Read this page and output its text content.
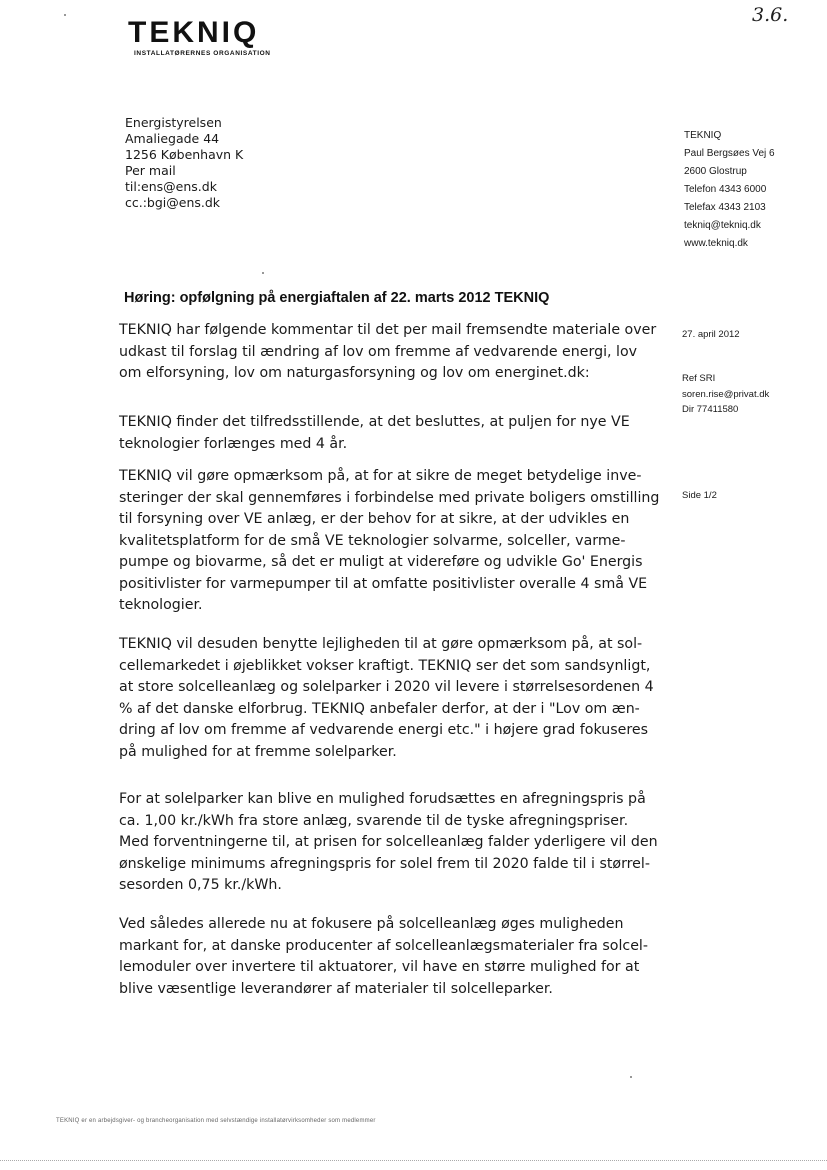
TEKNIQ
INSTALLATØRERNES ORGANISATION
3.6.
Energistyrelsen
Amaliegade 44
1256 København K
Per mail
til:ens@ens.dk
cc.:bgi@ens.dk
TEKNIQ
Paul Bergsøes Vej 6
2600 Glostrup
Telefon 4343 6000
Telefax 4343 2103
tekniq@tekniq.dk
www.tekniq.dk
Høring: opfølgning på energiaftalen af 22. marts 2012 TEKNIQ
27. april 2012
Ref SRI
soren.rise@privat.dk
Dir 77411580
Side 1/2

TEKNIQ har følgende kommentar til det per mail fremsendte materiale over
udkast til forslag til ændring af lov om fremme af vedvarende energi, lov
om elforsyning, lov om naturgasforsyning og lov om energinet.dk:

TEKNIQ finder det tilfredsstillende, at det besluttes, at puljen for nye VE
teknologier forlænges med 4 år.

TEKNIQ vil gøre opmærksom på, at for at sikre de meget betydelige inve-
steringer der skal gennemføres i forbindelse med private boligers omstilling
til forsyning over VE anlæg, er der behov for at sikre, at der udvikles en
kvalitetsplatform for de små VE teknologier solvarme, solceller, varme-
pumpe og biovarme, så det er muligt at videreføre og udvikle Go' Energis
positivlister for varmepumper til at omfatte positivlister overalle 4 små VE
teknologier.

TEKNIQ vil desuden benytte lejligheden til at gøre opmærksom på, at sol-
cellemarkedet i øjeblikket vokser kraftigt. TEKNIQ ser det som sandsynligt,
at store solcelleanlæg og solelparker i 2020 vil levere i størrelsesordenen 4
% af det danske elforbrug. TEKNIQ anbefaler derfor, at der i "Lov om æn-
dring af lov om fremme af vedvarende energi etc." i højere grad fokuseres
på mulighed for at fremme solelparker.

For at solelparker kan blive en mulighed forudsættes en afregningspris på
ca. 1,00 kr./kWh fra store anlæg, svarende til de tyske afregningspriser.
Med forventningerne til, at prisen for solcelleanlæg falder yderligere vil den
ønskelige minimums afregningspris for solel frem til 2020 falde til i størrel-
sesorden 0,75 kr./kWh.

Ved således allerede nu at fokusere på solcelleanlæg øges muligheden
markant for, at danske producenter af solcelleanlægsmaterialer fra solcel-
lemoduler over invertere til aktuatorer, vil have en større mulighed for at
blive væsentlige leverandører af materialer til solcelleparker.

TEKNIQ er en arbejdsgiver- og brancheorganisation med selvstændige installatørvirksomheder som medlemmer
